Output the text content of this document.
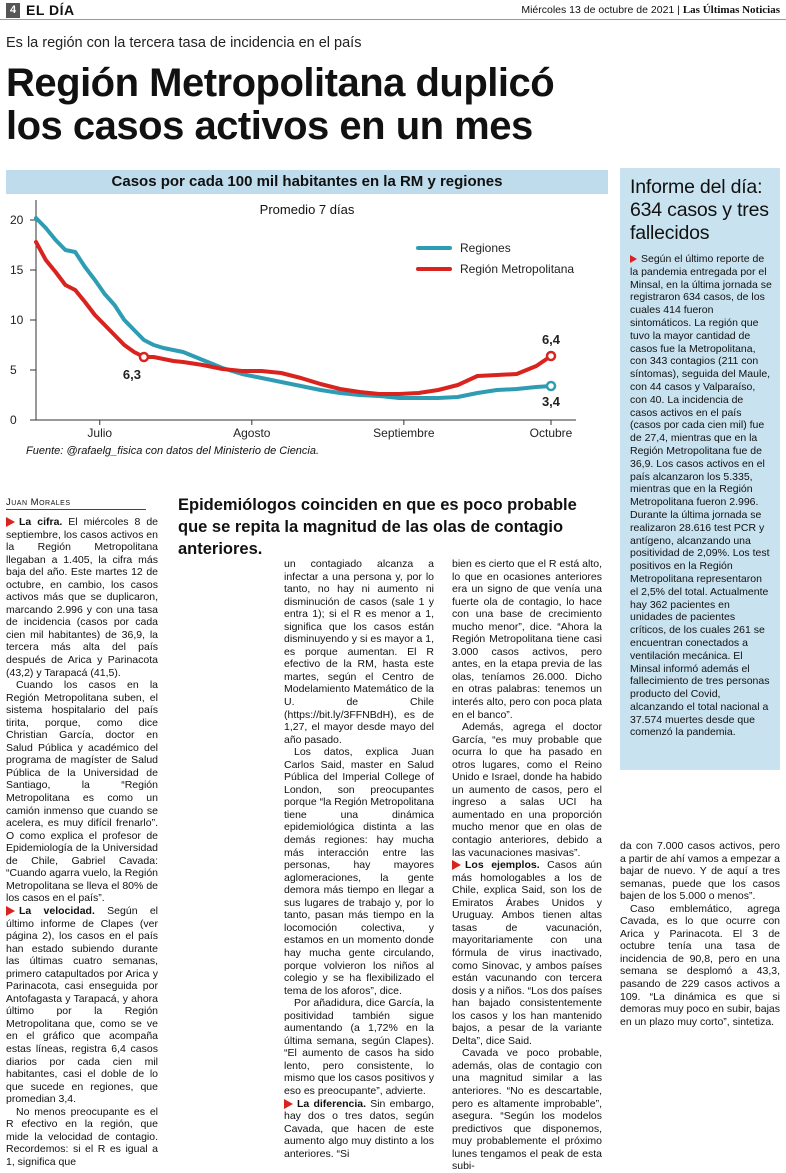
4 EL DÍA	Miércoles 13 de octubre de 2021 | Las Últimas Noticias
Es la región con la tercera tasa de incidencia en el país
Región Metropolitana duplicó los casos activos en un mes
Casos por cada 100 mil habitantes en la RM y regiones
Promedio 7 días
0
5
10
15
20
Julio	Agosto	Septiembre	Octubre
6,3
6,4
3,4
Regiones
Región Metropolitana
Fuente: @rafaelg_fisica con datos del Ministerio de Ciencia.
Informe del día: 634 casos y tres fallecidos

Según el último reporte de la pandemia entregada por el Minsal, en la última jornada se registraron 634 casos, de los cuales 414 fueron sintomáticos. La región que tuvo la mayor cantidad de casos fue la Metropolitana, con 343 contagios (211 con síntomas), seguida del Maule, con 44 casos y Valparaíso, con 40. La incidencia de casos activos en el país (casos por cada cien mil) fue de 27,4, mientras que en la Región Metropolitana fue de 36,9. Los casos activos en el país alcanzaron los 5.335, mientras que en la Región Metropolitana fueron 2.996. Durante la última jornada se realizaron 28.616 test PCR y antígeno, alcanzando una positividad de 2,09%. Los test positivos en la Región Metropolitana representaron el 2,5% del total. Actualmente hay 362 pacientes en unidades de pacientes críticos, de los cuales 261 se encuentran conectados a ventilación mecánica. El Minsal informó además el fallecimiento de tres personas producto del Covid, alcanzando el total nacional a 37.574 muertes desde que comenzó la pandemia.

Juan Morales	Epidemiólogos coinciden en que es poco probable que se repita la magnitud de las olas de contagio anteriores.

La cifra. El miércoles 8 de septiembre, los casos activos en la Región Metropolitana llegaban a 1.405, la cifra más baja del año. Este martes 12 de octubre, en cambio, los casos activos más que se duplicaron, marcando 2.996 y con una tasa de incidencia (casos por cada cien mil habitantes) de 36,9, la tercera más alta del país después de Arica y Parinacota (43,2) y Tarapacá (41,5).

Cuando los casos en la Región Metropolitana suben, el sistema hospitalario del país tirita, porque, como dice Christian García, doctor en Salud Pública y académico del programa de magíster de Salud Pública de la Universidad de Santiago, la “Región Metropolitana es como un camión inmenso que cuando se acelera, es muy difícil frenarlo”. O como explica el profesor de Epidemiología de la Universidad de Chile, Gabriel Cavada: “Cuando agarra vuelo, la Región Metropolitana se lleva el 80% de los casos en el país”.

La velocidad. Según el último informe de Clapes (ver página 2), los casos en el país han estado subiendo durante las últimas cuatro semanas, primero catapultados por Arica y Parinacota, casi enseguida por Antofagasta y Tarapacá, y ahora último por la Región Metropolitana que, como se ve en el gráfico que acompaña estas líneas, registra 6,4 casos diarios por cada cien mil habitantes, casi el doble de lo que sucede en regiones, que promedian 3,4.

No menos preocupante es el R efectivo en la región, que mide la velocidad de contagio. Recordemos: si el R es igual a 1, significa que

un contagiado alcanza a infectar a una persona y, por lo tanto, no hay ni aumento ni disminución de casos (sale 1 y entra 1); si el R es menor a 1, significa que los casos están disminuyendo y si es mayor a 1, es porque aumentan. El R efectivo de la RM, hasta este martes, según el Centro de Modelamiento Matemático de la U. de Chile (https://bit.ly/3FFNBdH), es de 1,27, el mayor desde mayo del año pasado.

Los datos, explica Juan Carlos Said, master en Salud Pública del Imperial College of London, son preocupantes porque “la Región Metropolitana tiene una dinámica epidemiológica distinta a las demás regiones: hay mucha más interacción entre las personas, hay mayores aglomeraciones, la gente demora más tiempo en llegar a sus lugares de trabajo y, por lo tanto, pasan más tiempo en la locomoción colectiva, y estamos en un momento donde hay mucha gente circulando, porque volvieron los niños al colegio y se ha flexibilizado el tema de los aforos”, dice.

Por añadidura, dice García, la positividad también sigue aumentando (a 1,72% en la última semana, según Clapes). “El aumento de casos ha sido lento, pero consistente, lo mismo que los casos positivos y eso es preocupante”, advierte.

La diferencia. Sin embargo, hay dos o tres datos, según Cavada, que hacen de este aumento algo muy distinto a los anteriores. “Si

bien es cierto que el R está alto, lo que en ocasiones anteriores era un signo de que venía una fuerte ola de contagio, lo hace con una base de crecimiento mucho menor”, dice. “Ahora la Región Metropolitana tiene casi 3.000 casos activos, pero antes, en la etapa previa de las olas, teníamos 26.000. Dicho en otras palabras: tenemos un interés alto, pero con poca plata en el banco”.

Además, agrega el doctor García, “es muy probable que ocurra lo que ha pasado en otros lugares, como el Reino Unido e Israel, donde ha habido un aumento de casos, pero el ingreso a salas UCI ha aumentado en una proporción mucho menor que en olas de contagio anteriores, debido a las vacunaciones masivas”.

Los ejemplos. Casos aún más homologables a los de Chile, explica Said, son los de Emiratos Árabes Unidos y Uruguay. Ambos tienen altas tasas de vacunación, mayoritariamente con una fórmula de virus inactivado, como Sinovac, y ambos países están vacunando con tercera dosis y a niños. “Los dos países han bajado consistentemente los casos y los han mantenido bajos, a pesar de la variante Delta”, dice Said.

Cavada ve poco probable, además, olas de contagio con una magnitud similar a las anteriores. “No es descartable, pero es altamente improbable”, asegura. “Según los modelos predictivos que disponemos, muy probablemente el próximo lunes tengamos el peak de esta subi-

da con 7.000 casos activos, pero a partir de ahí vamos a empezar a bajar de nuevo. Y de aquí a tres semanas, puede que los casos bajen de los 5.000 o menos”.

Caso emblemático, agrega Cavada, es lo que ocurre con Arica y Parinacota. El 3 de octubre tenía una tasa de incidencia de 90,8, pero en una semana se desplomó a 43,3, pasando de 229 casos activos a 109. “La dinámica es que si demoras muy poco en subir, bajas en un plazo muy corto”, sintetiza.
